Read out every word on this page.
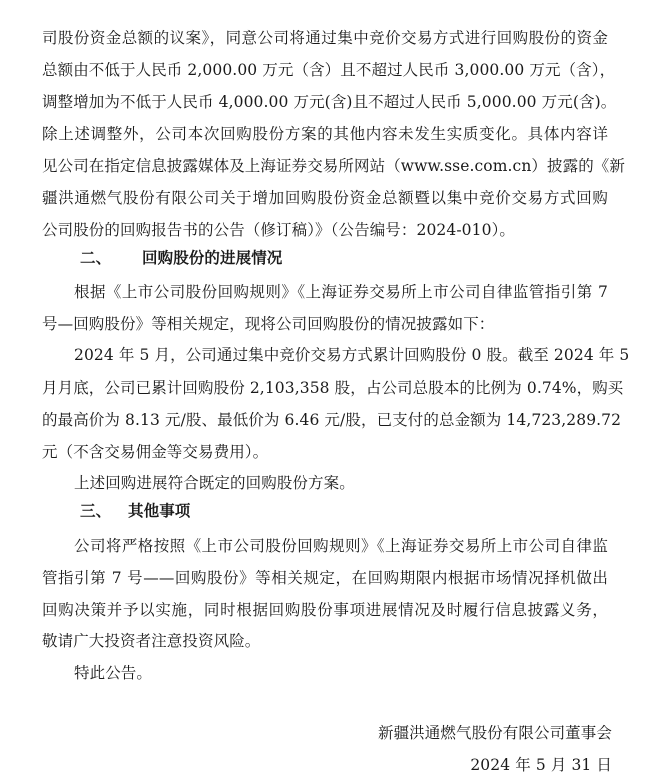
司股份资金总额的议案》，同意公司将通过集中竞价交易方式进行回购股份的资金
总额由不低于人民币 2,000.00 万元（含）且不超过人民币 3,000.00 万元（含），
调整增加为不低于人民币 4,000.00 万元(含)且不超过人民币 5,000.00 万元(含)。
除上述调整外，公司本次回购股份方案的其他内容未发生实质变化。具体内容详
见公司在指定信息披露媒体及上海证券交易所网站（www.sse.com.cn）披露的《新
疆洪通燃气股份有限公司关于增加回购股份资金总额暨以集中竞价交易方式回购
公司股份的回购报告书的公告（修订稿）》（公告编号：2024-010）。
二、 回购股份的进展情况
根据《上市公司股份回购规则》《上海证券交易所上市公司自律监管指引第 7
号—回购股份》等相关规定，现将公司回购股份的情况披露如下：
2024 年 5 月，公司通过集中竞价交易方式累计回购股份 0 股。截至 2024 年 5
月月底，公司已累计回购股份 2,103,358 股，占公司总股本的比例为 0.74%，购买
的最高价为 8.13 元/股、最低价为 6.46 元/股，已支付的总金额为 14,723,289.72
元（不含交易佣金等交易费用）。
上述回购进展符合既定的回购股份方案。
三、 其他事项
公司将严格按照《上市公司股份回购规则》《上海证券交易所上市公司自律监
管指引第 7 号——回购股份》等相关规定，在回购期限内根据市场情况择机做出
回购决策并予以实施，同时根据回购股份事项进展情况及时履行信息披露义务，
敬请广大投资者注意投资风险。
特此公告。
新疆洪通燃气股份有限公司董事会
2024 年 5 月 31 日
